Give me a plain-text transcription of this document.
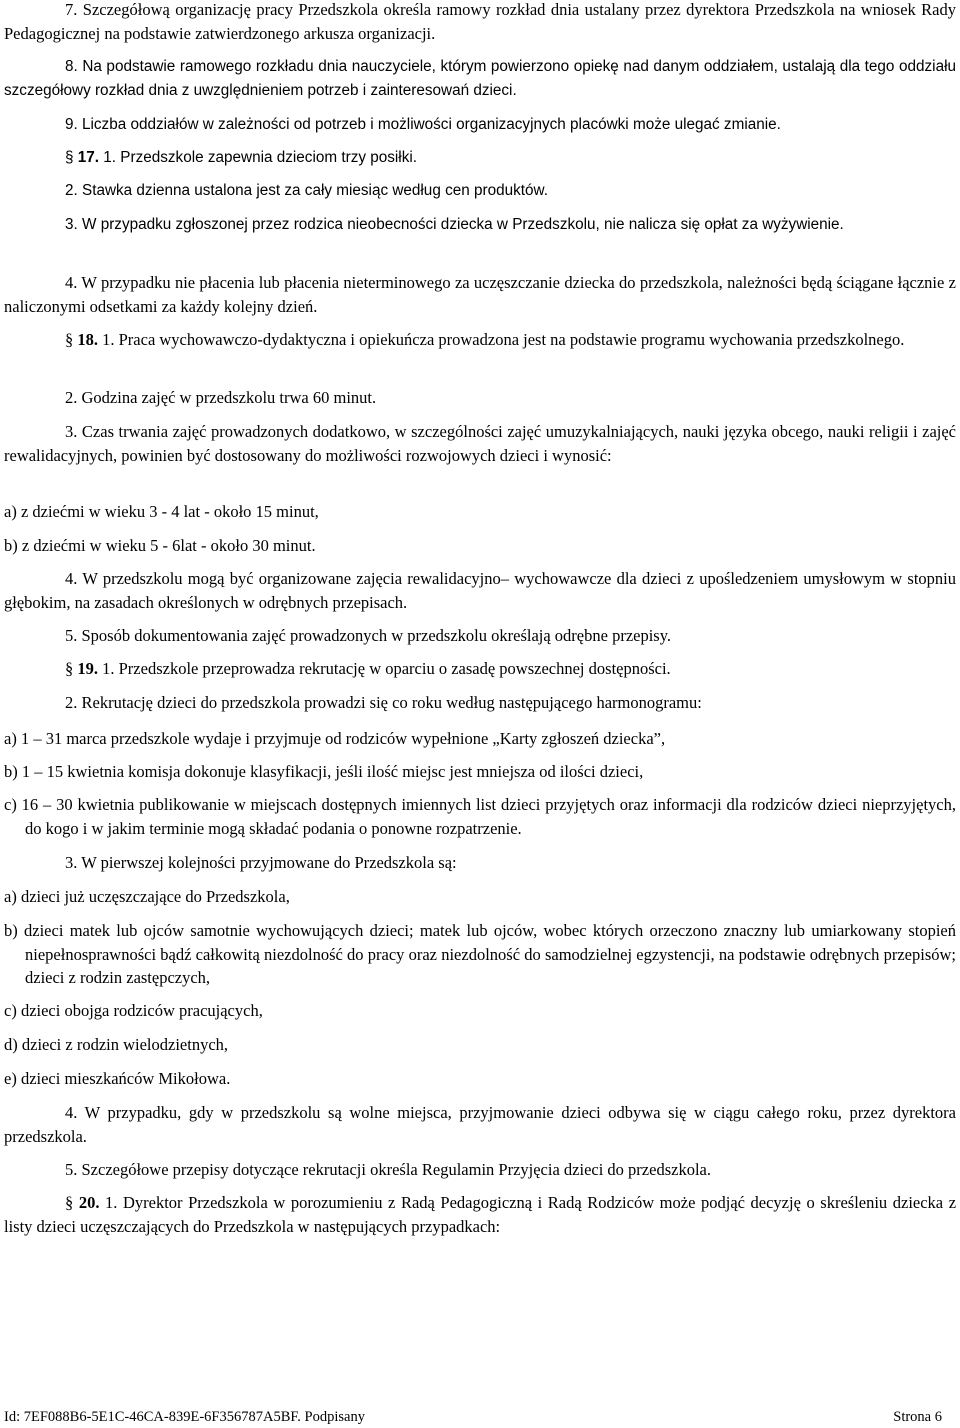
7. Szczegółową organizację pracy Przedszkola określa ramowy rozkład dnia ustalany przez dyrektora Przedszkola na wniosek Rady Pedagogicznej na podstawie zatwierdzonego arkusza organizacji.
8. Na podstawie ramowego rozkładu dnia nauczyciele, którym powierzono opiekę nad danym oddziałem, ustalają dla tego oddziału szczegółowy rozkład dnia z uwzględnieniem potrzeb i zainteresowań dzieci.
9. Liczba oddziałów w zależności od potrzeb i możliwości organizacyjnych placówki może ulegać zmianie.
§ 17. 1. Przedszkole zapewnia dzieciom trzy posiłki.
2. Stawka dzienna ustalona jest za cały miesiąc według cen produktów.
3. W przypadku zgłoszonej przez rodzica nieobecności dziecka w Przedszkolu, nie nalicza się opłat za wyżywienie.
4. W przypadku nie płacenia lub płacenia nieterminowego za uczęszczanie dziecka do przedszkola, należności będą ściągane łącznie z naliczonymi odsetkami za każdy kolejny dzień.
§ 18. 1. Praca wychowawczo-dydaktyczna i opiekuńcza prowadzona jest na podstawie programu wychowania przedszkolnego.
2. Godzina zajęć w przedszkolu trwa 60 minut.
3. Czas trwania zajęć prowadzonych dodatkowo, w szczególności zajęć umuzykalniających, nauki języka obcego, nauki religii i zajęć rewalidacyjnych, powinien być dostosowany do możliwości rozwojowych dzieci i wynosić:
a) z dziećmi w wieku 3 - 4 lat - około 15 minut,
b) z dziećmi w wieku 5 - 6lat - około 30 minut.
4. W przedszkolu mogą być organizowane zajęcia rewalidacyjno– wychowawcze dla dzieci z upośledzeniem umysłowym w stopniu głębokim, na zasadach określonych w odrębnych przepisach.
5. Sposób dokumentowania zajęć prowadzonych w przedszkolu określają odrębne przepisy.
§ 19. 1. Przedszkole przeprowadza rekrutację w oparciu o zasadę powszechnej dostępności.
2. Rekrutację dzieci do przedszkola prowadzi się co roku według następującego harmonogramu:
a) 1 – 31 marca przedszkole wydaje i przyjmuje od rodziców wypełnione „Karty zgłoszeń dziecka”,
b) 1 – 15 kwietnia komisja dokonuje klasyfikacji, jeśli ilość miejsc jest mniejsza od ilości dzieci,
c) 16 – 30 kwietnia publikowanie w miejscach dostępnych imiennych list dzieci przyjętych oraz informacji dla rodziców dzieci nieprzyjętych, do kogo i w jakim terminie mogą składać podania o ponowne rozpatrzenie.
3. W pierwszej kolejności przyjmowane do Przedszkola są:
a) dzieci już uczęszczające do Przedszkola,
b) dzieci matek lub ojców samotnie wychowujących dzieci; matek lub ojców, wobec których orzeczono znaczny lub umiarkowany stopień niepełnosprawności bądź całkowitą niezdolność do pracy oraz niezdolność do samodzielnej egzystencji, na podstawie odrębnych przepisów; dzieci z rodzin zastępczych,
c) dzieci obojga rodziców pracujących,
d) dzieci z rodzin wielodzietnych,
e) dzieci mieszkańców Mikołowa.
4. W przypadku, gdy w przedszkolu są wolne miejsca, przyjmowanie dzieci odbywa się w ciągu całego roku, przez dyrektora przedszkola.
5. Szczegółowe przepisy dotyczące rekrutacji określa Regulamin Przyjęcia dzieci do przedszkola.
§ 20. 1. Dyrektor Przedszkola w porozumieniu z Radą Pedagogiczną i Radą Rodziców może podjąć decyzję o skreśleniu dziecka z listy dzieci uczęszczających do Przedszkola w następujących przypadkach:
Id: 7EF088B6-5E1C-46CA-839E-6F356787A5BF. Podpisany	Strona 6
